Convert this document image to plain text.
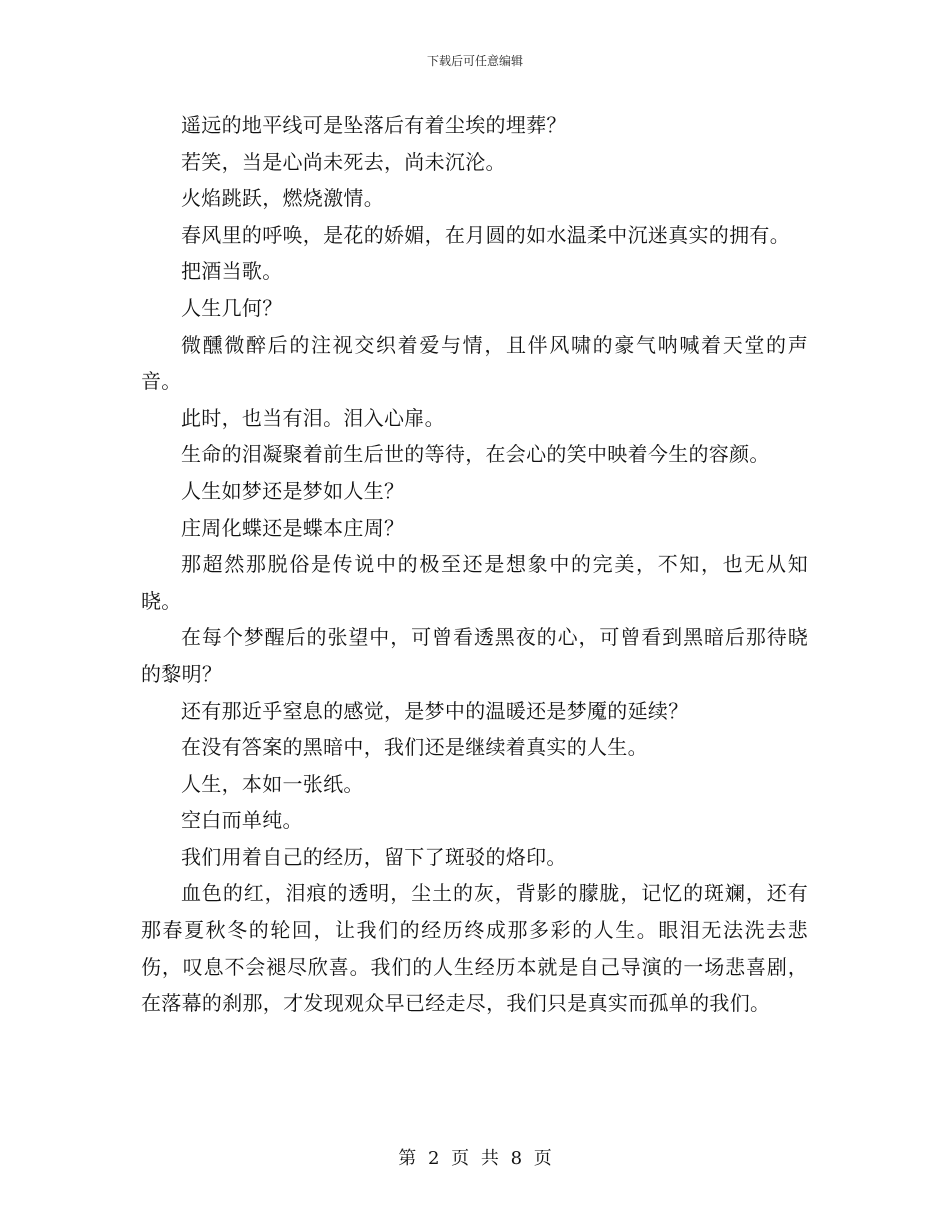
下载后可任意编辑

遥远的地平线可是坠落后有着尘埃的埋葬？

若笑，当是心尚未死去，尚未沉沦。

火焰跳跃，燃烧激情。

春风里的呼唤，是花的娇媚，在月圆的如水温柔中沉迷真实的拥有。

把酒当歌。

人生几何？

微醺微醉后的注视交织着爱与情，且伴风啸的豪气呐喊着天堂的声音。

此时，也当有泪。泪入心扉。

生命的泪凝聚着前生后世的等待，在会心的笑中映着今生的容颜。

人生如梦还是梦如人生？

庄周化蝶还是蝶本庄周？

那超然那脱俗是传说中的极至还是想象中的完美，不知，也无从知晓。

在每个梦醒后的张望中，可曾看透黑夜的心，可曾看到黑暗后那待晓的黎明？

还有那近乎窒息的感觉，是梦中的温暖还是梦魇的延续？

在没有答案的黑暗中，我们还是继续着真实的人生。

人生，本如一张纸。

空白而单纯。

我们用着自己的经历，留下了斑驳的烙印。

血色的红，泪痕的透明，尘土的灰，背影的朦胧，记忆的斑斓，还有那春夏秋冬的轮回，让我们的经历终成那多彩的人生。眼泪无法洗去悲伤，叹息不会褪尽欣喜。我们的人生经历本就是自己导演的一场悲喜剧，在落幕的刹那，才发现观众早已经走尽，我们只是真实而孤单的我们。

第 2 页 共 8 页
